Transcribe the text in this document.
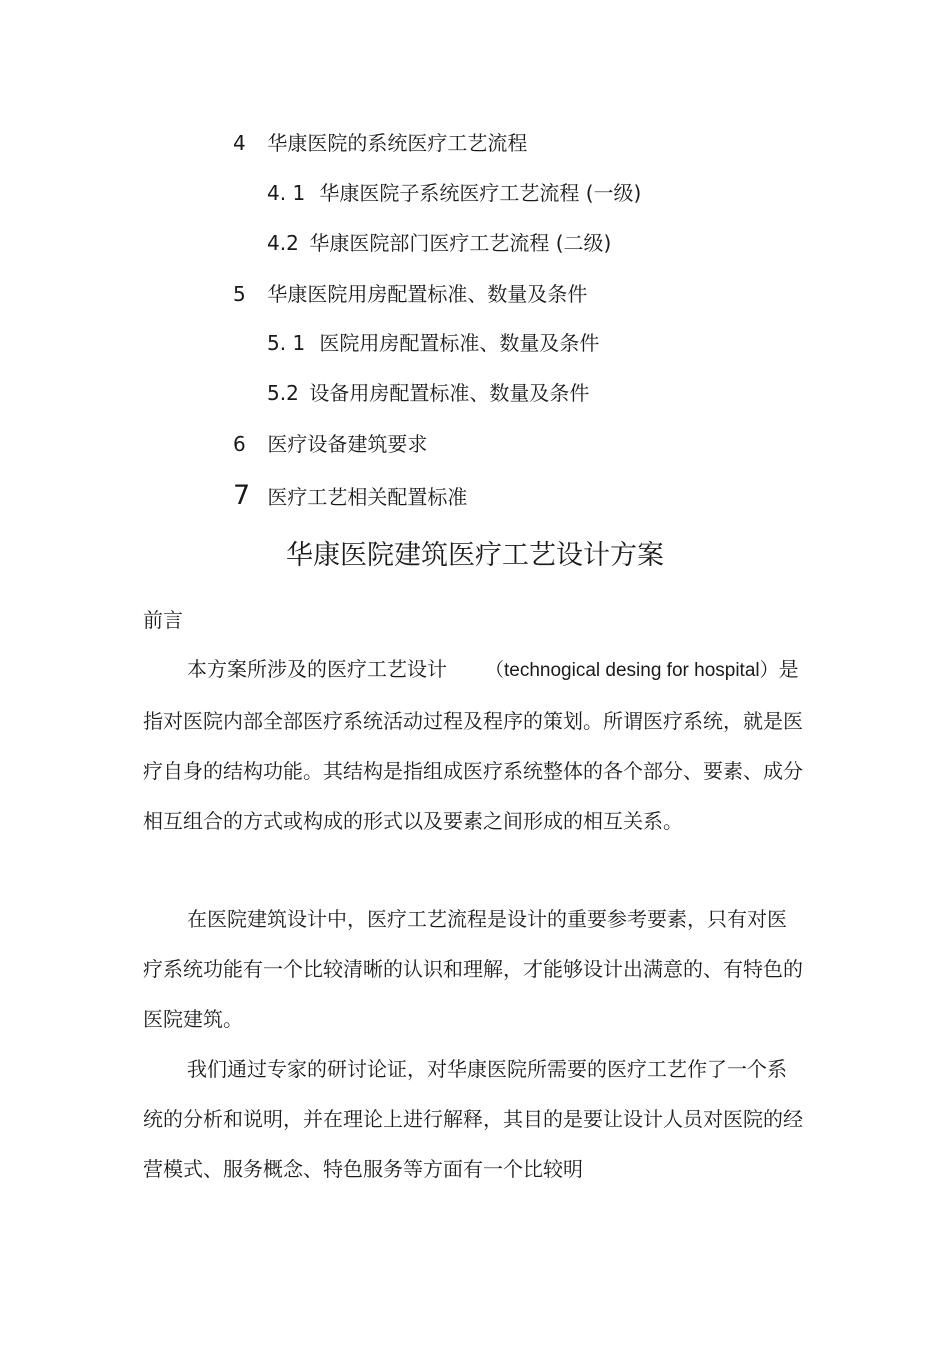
4 华康医院的系统医疗工艺流程
4. 1 华康医院子系统医疗工艺流程 (一级)
4.2 华康医院部门医疗工艺流程 (二级)
5 华康医院用房配置标准、数量及条件
5. 1 医院用房配置标准、数量及条件
5.2 设备用房配置标准、数量及条件
6 医疗设备建筑要求
7 医疗工艺相关配置标准
华康医院建筑医疗工艺设计方案
前言
本方案所涉及的医疗工艺设计 （technogical desing for hospital）是指对医院内部全部医疗系统活动过程及程序的策划。所谓医疗系统，就是医疗自身的结构功能。其结构是指组成医疗系统整体的各个部分、要素、成分相互组合的方式或构成的形式以及要素之间形成的相互关系。
在医院建筑设计中，医疗工艺流程是设计的重要参考要素，只有对医疗系统功能有一个比较清晰的认识和理解，才能够设计出满意的、有特色的医院建筑。
我们通过专家的研讨论证，对华康医院所需要的医疗工艺作了一个系统的分析和说明，并在理论上进行解释，其目的是要让设计人员对医院的经营模式、服务概念、特色服务等方面有一个比较明
